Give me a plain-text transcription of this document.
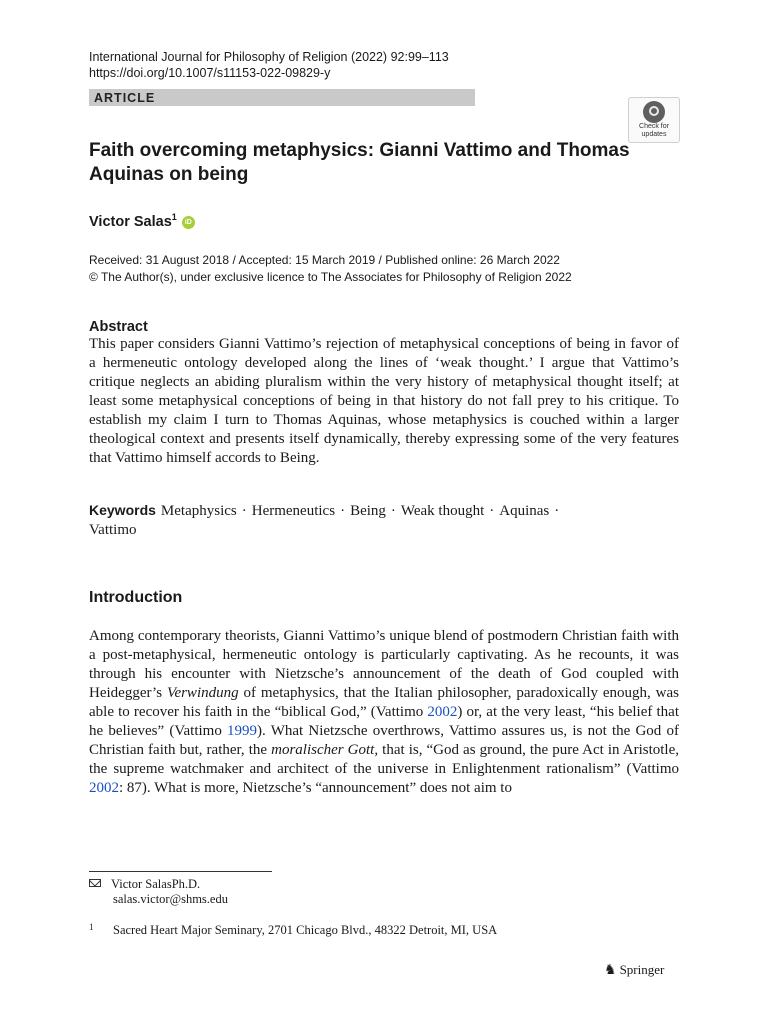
International Journal for Philosophy of Religion (2022) 92:99–113
https://doi.org/10.1007/s11153-022-09829-y
ARTICLE
Check for
updates
Faith overcoming metaphysics: Gianni Vattimo and Thomas Aquinas on being
Victor Salas$^1$ iD
Received: 31 August 2018 / Accepted: 15 March 2019 / Published online: 26 March 2022
© The Author(s), under exclusive licence to The Associates for Philosophy of Religion 2022
Abstract
This paper considers Gianni Vattimo’s rejection of metaphysical conceptions of being in favor of a hermeneutic ontology developed along the lines of ‘weak thought.’ I argue that Vattimo’s critique neglects an abiding pluralism within the very history of metaphysical thought itself; at least some metaphysical conceptions of being in that history do not fall prey to his critique. To establish my claim I turn to Thomas Aquinas, whose metaphysics is couched within a larger theological context and presents itself dynamically, thereby expressing some of the very features that Vattimo himself accords to Being.
Keywords Metaphysics · Hermeneutics · Being · Weak thought · Aquinas ·
Vattimo
Introduction
Among contemporary theorists, Gianni Vattimo’s unique blend of postmodern Christian faith with a post-metaphysical, hermeneutic ontology is particularly captivating. As he recounts, it was through his encounter with Nietzsche’s announcement of the death of God coupled with Heidegger’s Verwindung of metaphysics, that the Italian philosopher, paradoxically enough, was able to recover his faith in the “biblical God,” (Vattimo 2002) or, at the very least, “his belief that he believes” (Vattimo 1999). What Nietzsche overthrows, Vattimo assures us, is not the God of Christian faith but, rather, the moralischer Gott, that is, “God as ground, the pure Act in Aristotle, the supreme watchmaker and architect of the universe in Enlightenment rationalism” (Vattimo 2002: 87). What is more, Nietzsche’s “announcement” does not aim to
Victor SalasPh.D.
salas.victor@shms.edu
1 Sacred Heart Major Seminary, 2701 Chicago Blvd., 48322 Detroit, MI, USA
♞ Springer
